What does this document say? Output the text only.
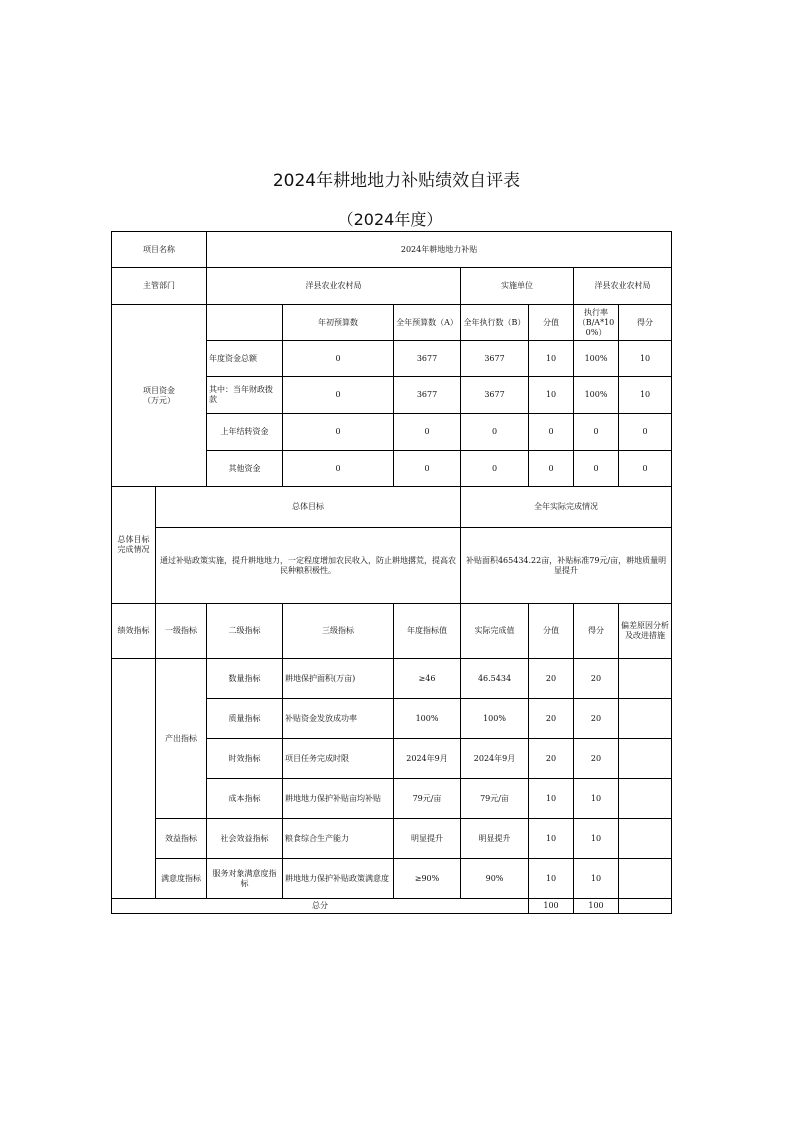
2024年耕地地力补贴绩效自评表
（2024年度）
项目名称		2024年耕地地力补贴						
主管部门		洋县农业农村局			实施单位		洋县农业农村局	
项目资金
（万元）			年初预算数	全年预算数（A）	全年执行数（B）	分值	执行率（B/A*100%）	得分
		年度资金总额	0	3677	3677	10	100%	10
		其中：当年财政拨款	0	3677	3677	10	100%	10
		上年结转资金	0	0	0	0	0	0
		其他资金	0	0	0	0	0	0
总体目标完成情况	总体目标				全年实际完成情况			
	通过补贴政策实施，提升耕地地力，一定程度增加农民收入，防止耕地撂荒，提高农民种粮积极性。				补贴面积465434.22亩，补贴标准79元/亩，耕地质量明显提升			
绩效指标	一级指标	二级指标	三级指标	年度指标值	实际完成值	分值	得分	偏差原因分析及改进措施
	产出指标	数量指标	耕地保护面积(万亩)	≥46	46.5434	20	20	
		质量指标	补贴资金发放成功率	100%	100%	20	20	
		时效指标	项目任务完成时限	2024年9月	2024年9月	20	20	
		成本指标	耕地地力保护补贴亩均补贴	79元/亩	79元/亩	10	10	
	效益指标	社会效益指标	粮食综合生产能力	明显提升	明显提升	10	10	
	满意度指标	服务对象满意度指标	耕地地力保护补贴政策满意度	≥90%	90%	10	10	
总分						100	100	
